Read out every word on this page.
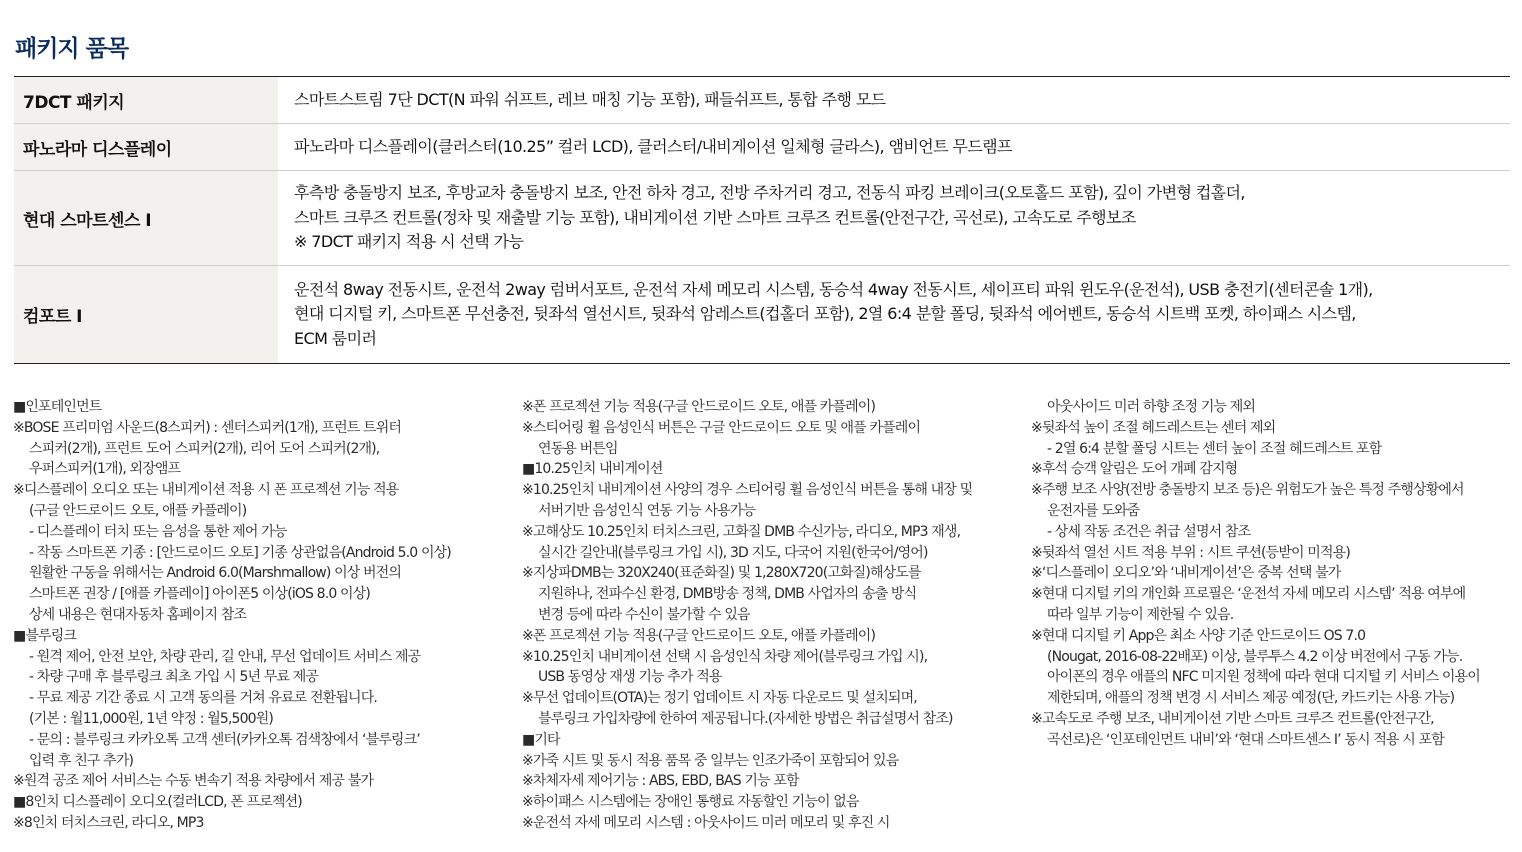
패키지 품목
7DCT 패키지	스마트스트림 7단 DCT(N 파워 쉬프트, 레브 매칭 기능 포함), 패들쉬프트, 통합 주행 모드

파노라마 디스플레이	파노라마 디스플레이(클러스터(10.25” 컬러 LCD), 클러스터/내비게이션 일체형 글라스), 앰비언트 무드램프

현대 스마트센스 I	후측방 충돌방지 보조, 후방교차 충돌방지 보조, 안전 하차 경고, 전방 주차거리 경고, 전동식 파킹 브레이크(오토홀드 포함), 깊이 가변형 컵홀더,
스마트 크루즈 컨트롤(정차 및 재출발 기능 포함), 내비게이션 기반 스마트 크루즈 컨트롤(안전구간, 곡선로), 고속도로 주행보조
※ 7DCT 패키지 적용 시 선택 가능

컴포트 I	운전석 8way 전동시트, 운전석 2way 럼버서포트, 운전석 자세 메모리 시스템, 동승석 4way 전동시트, 세이프티 파워 윈도우(운전석), USB 충전기(센터콘솔 1개),
현대 디지털 키, 스마트폰 무선충전, 뒷좌석 열선시트, 뒷좌석 암레스트(컵홀더 포함), 2열 6:4 분할 폴딩, 뒷좌석 에어벤트, 동승석 시트백 포켓, 하이패스 시스템,
ECM 룸미러
■인포테인먼트
※BOSE 프리미엄 사운드(8스피커) : 센터스피커(1개), 프런트 트위터
스피커(2개), 프런트 도어 스피커(2개), 리어 도어 스피커(2개),
우퍼스피커(1개), 외장앰프
※디스플레이 오디오 또는 내비게이션 적용 시 폰 프로젝션 기능 적용
(구글 안드로이드 오토, 애플 카플레이)
- 디스플레이 터치 또는 음성을 통한 제어 가능
- 작동 스마트폰 기종 : [안드로이드 오토] 기종 상관없음(Android 5.0 이상)
원활한 구동을 위해서는 Android 6.0(Marshmallow) 이상 버전의
스마트폰 권장 / [애플 카플레이] 아이폰5 이상(iOS 8.0 이상)
상세 내용은 현대자동차 홈페이지 참조
■블루링크
- 원격 제어, 안전 보안, 차량 관리, 길 안내, 무선 업데이트 서비스 제공
- 차량 구매 후 블루링크 최초 가입 시 5년 무료 제공
- 무료 제공 기간 종료 시 고객 동의를 거쳐 유료로 전환됩니다.
(기본 : 월11,000원, 1년 약정 : 월5,500원)
- 문의 : 블루링크 카카오톡 고객 센터(카카오톡 검색창에서 ‘블루링크’
입력 후 친구 추가)
※원격 공조 제어 서비스는 수동 변속기 적용 차량에서 제공 불가
■8인치 디스플레이 오디오(컬러LCD, 폰 프로젝션)
※8인치 터치스크린, 라디오, MP3
※폰 프로젝션 기능 적용(구글 안드로이드 오토, 애플 카플레이)
※스티어링 휠 음성인식 버튼은 구글 안드로이드 오토 및 애플 카플레이
연동용 버튼임
■10.25인치 내비게이션
※10.25인치 내비게이션 사양의 경우 스티어링 휠 음성인식 버튼을 통해 내장 및
서버기반 음성인식 연동 기능 사용가능
※고해상도 10.25인치 터치스크린, 고화질 DMB 수신가능, 라디오, MP3 재생,
실시간 길안내(블루링크 가입 시), 3D 지도, 다국어 지원(한국어/영어)
※지상파DMB는 320X240(표준화질) 및 1,280X720(고화질)해상도를
지원하나, 전파수신 환경, DMB방송 정책, DMB 사업자의 송출 방식
변경 등에 따라 수신이 불가할 수 있음
※폰 프로젝션 기능 적용(구글 안드로이드 오토, 애플 카플레이)
※10.25인치 내비게이션 선택 시 음성인식 차량 제어(블루링크 가입 시),
USB 동영상 재생 기능 추가 적용
※무선 업데이트(OTA)는 정기 업데이트 시 자동 다운로드 및 설치되며,
블루링크 가입차량에 한하여 제공됩니다.(자세한 방법은 취급설명서 참조)
■기타
※가죽 시트 및 동시 적용 품목 중 일부는 인조가죽이 포함되어 있음
※차체자세 제어기능 : ABS, EBD, BAS 기능 포함
※하이패스 시스템에는 장애인 통행료 자동할인 기능이 없음
※운전석 자세 메모리 시스템 : 아웃사이드 미러 메모리 및 후진 시
아웃사이드 미러 하향 조정 기능 제외
※뒷좌석 높이 조절 헤드레스트는 센터 제외
- 2열 6:4 분할 폴딩 시트는 센터 높이 조절 헤드레스트 포함
※후석 승객 알림은 도어 개폐 감지형
※주행 보조 사양(전방 충돌방지 보조 등)은 위험도가 높은 특정 주행상황에서
운전자를 도와줌
- 상세 작동 조건은 취급 설명서 참조
※뒷좌석 열선 시트 적용 부위 : 시트 쿠션(등받이 미적용)
※‘디스플레이 오디오’와 ‘내비게이션’은 중복 선택 불가
※현대 디지털 키의 개인화 프로필은 ‘운전석 자세 메모리 시스템’ 적용 여부에
따라 일부 기능이 제한될 수 있음.
※현대 디지털 키 App은 최소 사양 기준 안드로이드 OS 7.0
(Nougat, 2016-08-22배포) 이상, 블루투스 4.2 이상 버전에서 구동 가능.
아이폰의 경우 애플의 NFC 미지원 정책에 따라 현대 디지털 키 서비스 이용이
제한되며, 애플의 정책 변경 시 서비스 제공 예정(단, 카드키는 사용 가능)
※고속도로 주행 보조, 내비게이션 기반 스마트 크루즈 컨트롤(안전구간,
곡선로)은 ‘인포테인먼트 내비’와 ‘현대 스마트센스 I’ 동시 적용 시 포함
